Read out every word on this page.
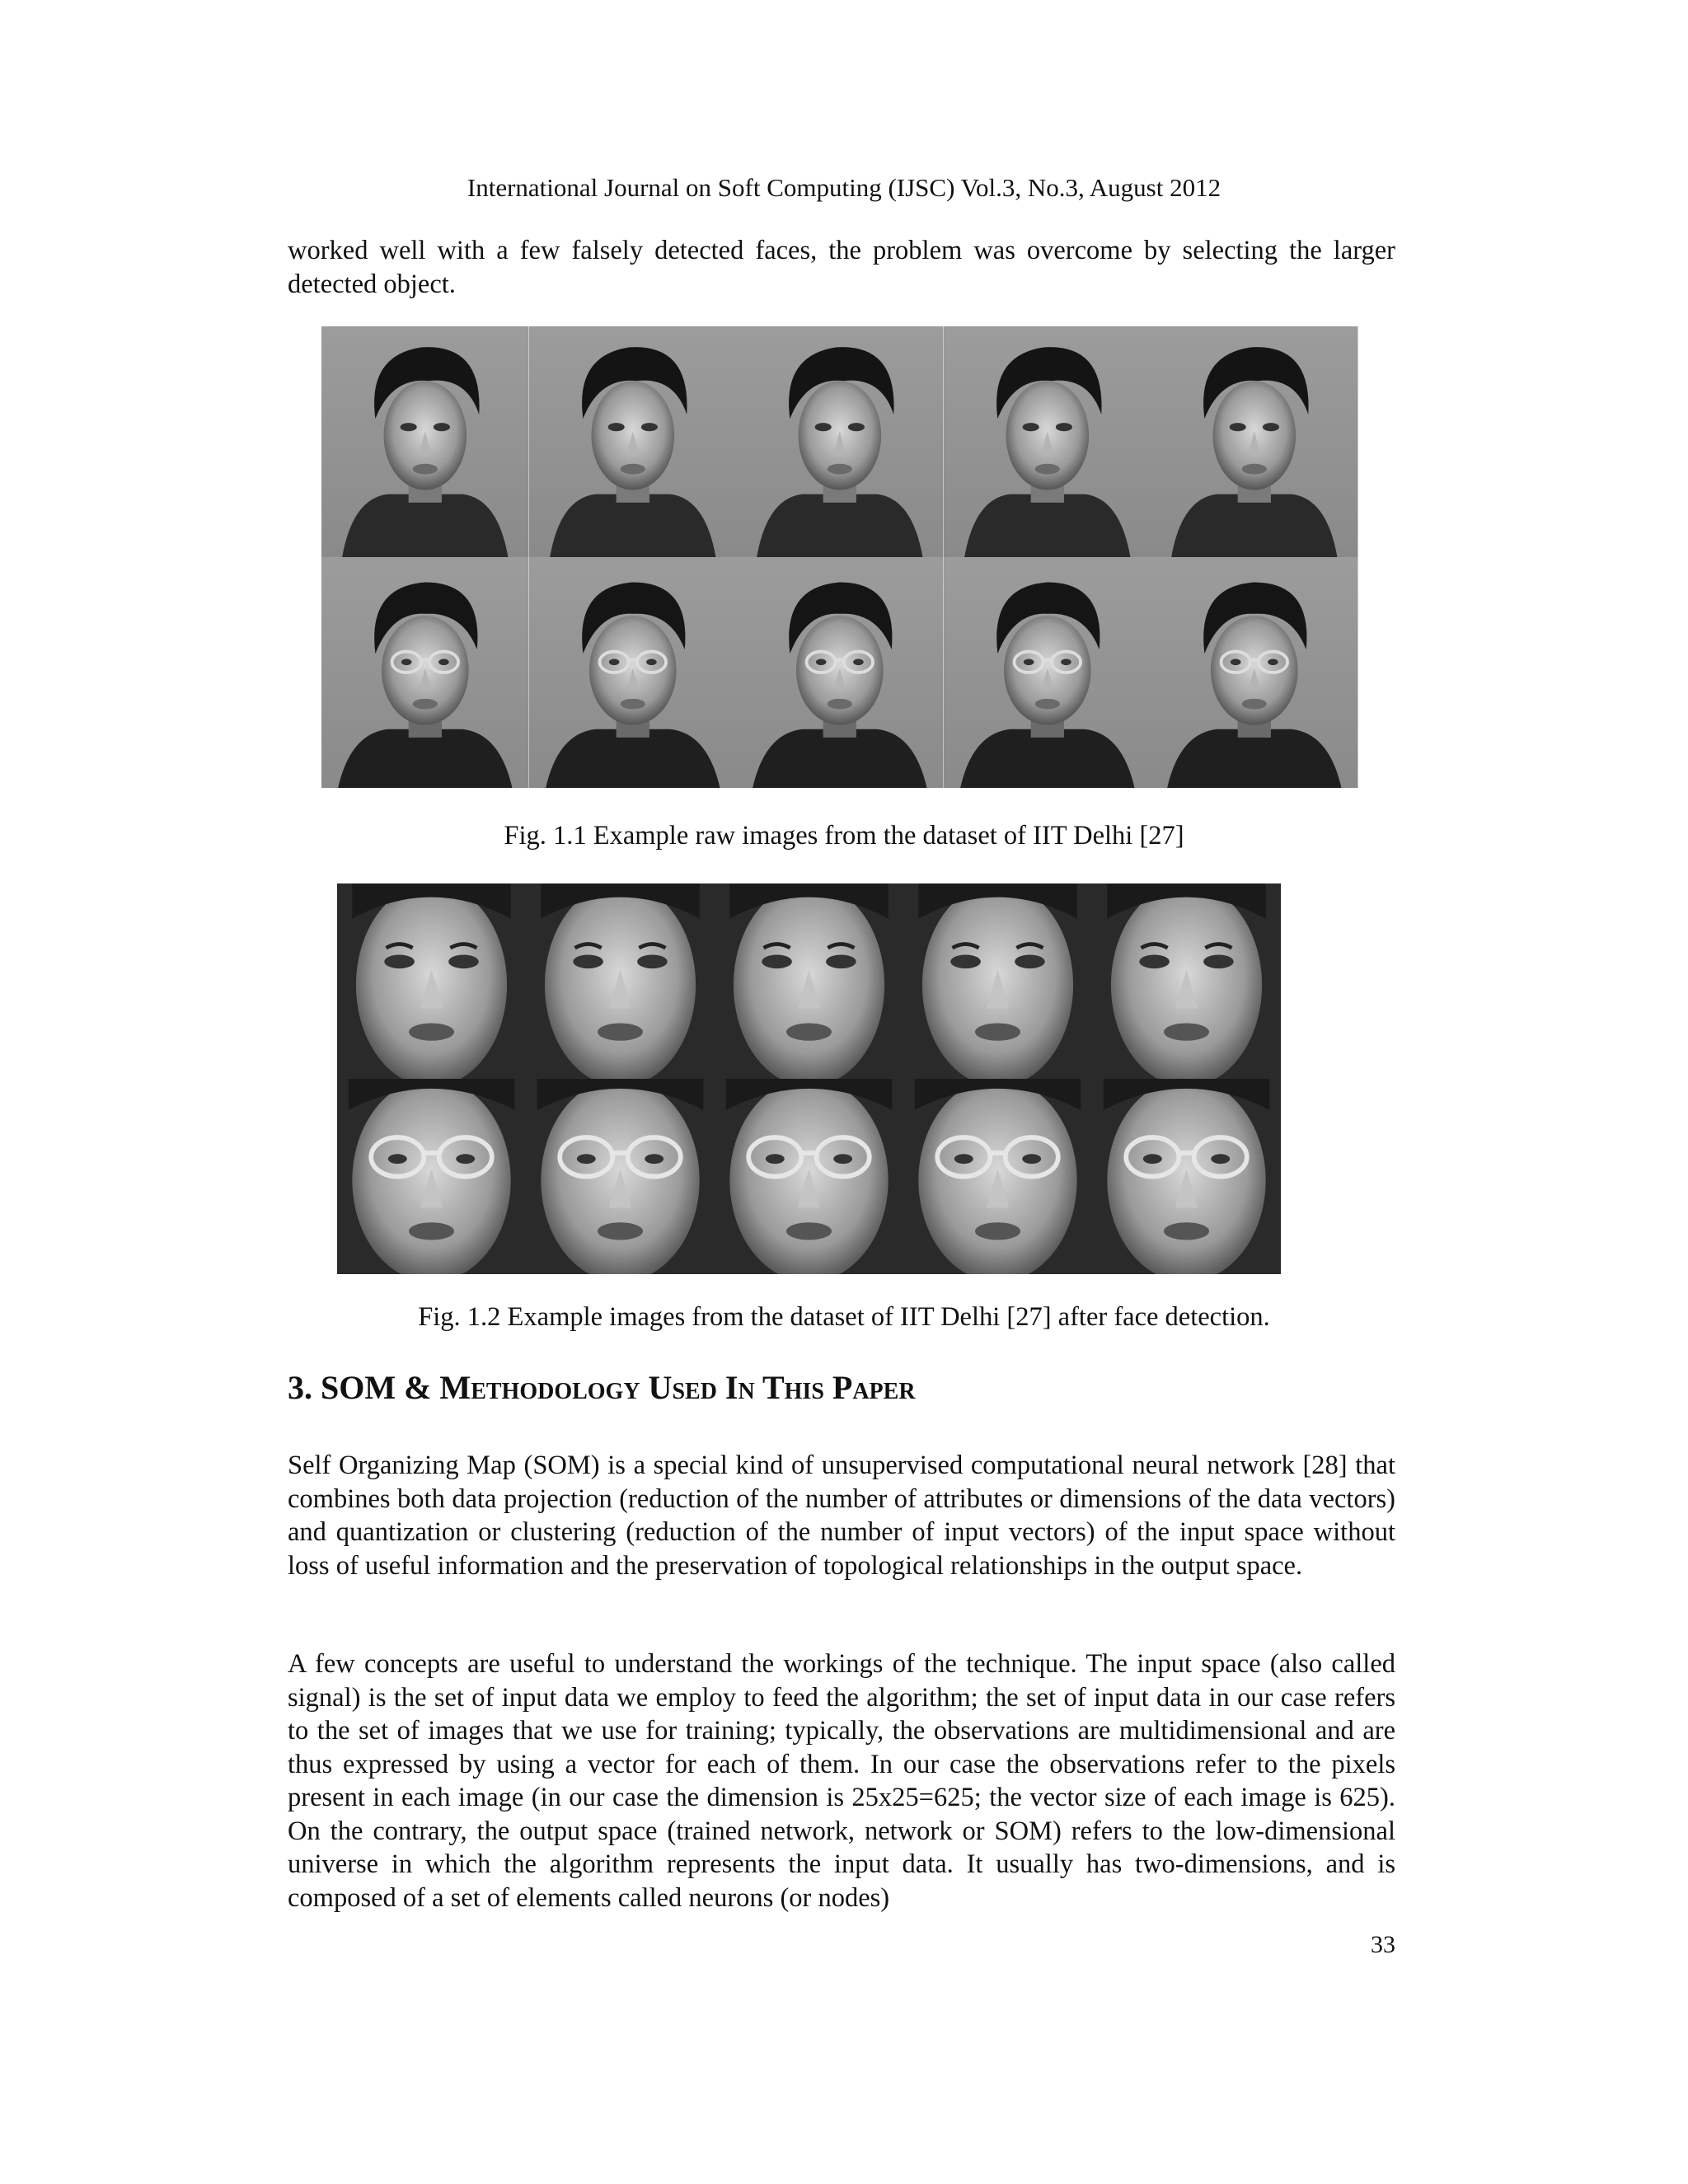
International Journal on Soft Computing (IJSC) Vol.3, No.3, August 2012

worked well with a few falsely detected faces, the problem was overcome by selecting the larger detected object.

Fig. 1.1 Example raw images from the dataset of IIT Delhi [27]
Fig. 1.2 Example images from the dataset of IIT Delhi [27] after face detection.
3. SOM & Methodology Used In This Paper

Self Organizing Map (SOM) is a special kind of unsupervised computational neural network [28] that combines both data projection (reduction of the number of attributes or dimensions of the data vectors) and quantization or clustering (reduction of the number of input vectors) of the input space without loss of useful information and the preservation of topological relationships in the output space.

A few concepts are useful to understand the workings of the technique. The input space (also called signal) is the set of input data we employ to feed the algorithm; the set of input data in our case refers to the set of images that we use for training; typically, the observations are multidimensional and are thus expressed by using a vector for each of them. In our case the observations refer to the pixels present in each image (in our case the dimension is 25x25=625; the vector size of each image is 625). On the contrary, the output space (trained network, network or SOM) refers to the low-dimensional universe in which the algorithm represents the input data. It usually has two-dimensions, and is composed of a set of elements called neurons (or nodes)

33
